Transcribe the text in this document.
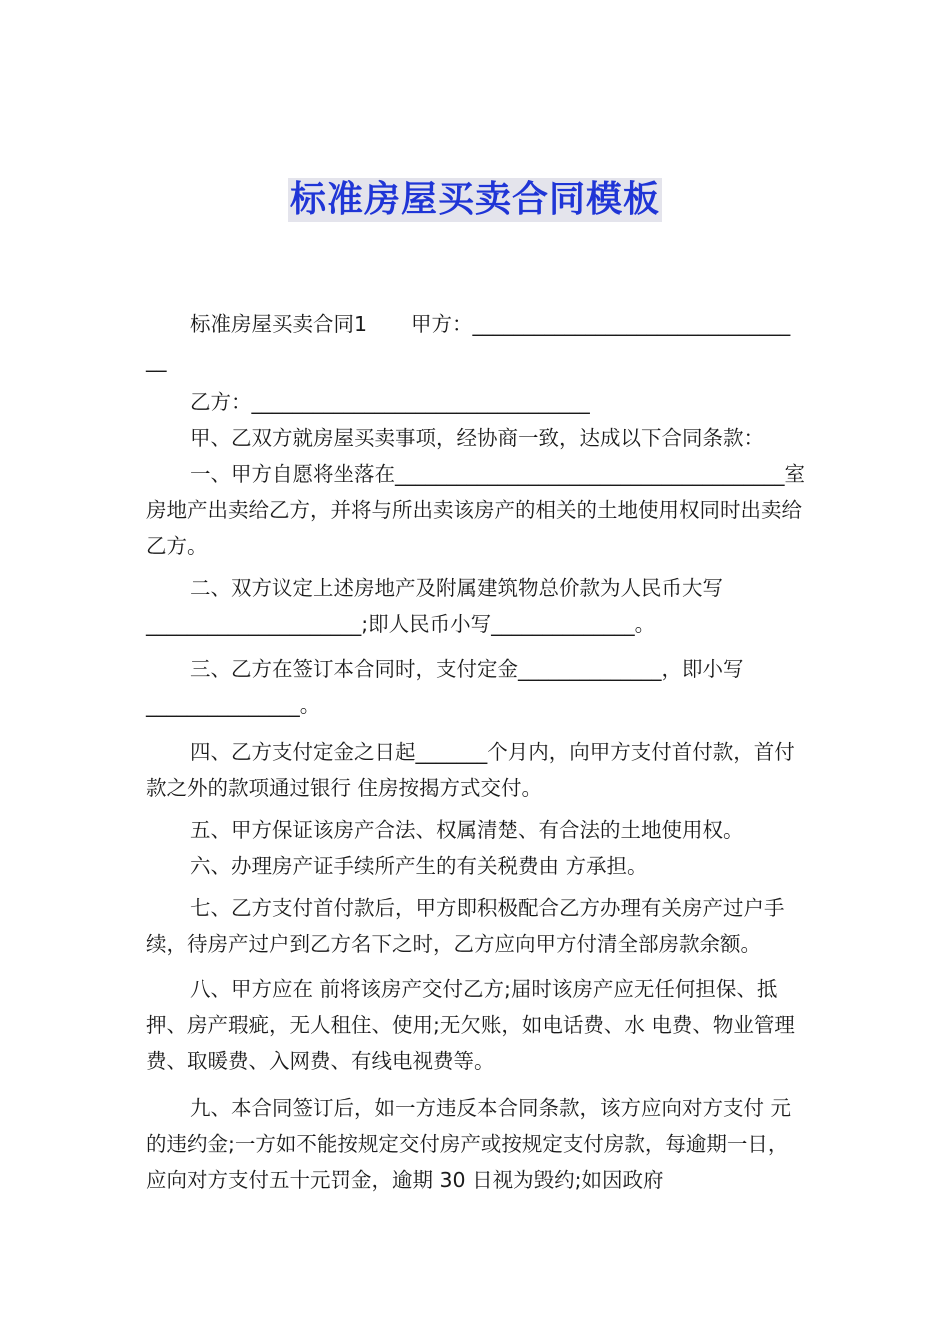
标准房屋买卖合同模板

标准房屋买卖合同1 甲方：_______________________________

__

乙方：_________________________________

甲、乙双方就房屋买卖事项，经协商一致，达成以下合同条款：

一、甲方自愿将坐落在______________________________________室房地产出卖给乙方，并将与所出卖该房产的相关的土地使用权同时出卖给乙方。

二、双方议定上述房地产及附属建筑物总价款为人民币大写_____________________;即人民币小写______________。

三、乙方在签订本合同时，支付定金______________，即小写_______________。

四、乙方支付定金之日起_______个月内，向甲方支付首付款，首付款之外的款项通过银行 住房按揭方式交付。

五、甲方保证该房产合法、权属清楚、有合法的土地使用权。

六、办理房产证手续所产生的有关税费由 方承担。

七、乙方支付首付款后，甲方即积极配合乙方办理有关房产过户手续，待房产过户到乙方名下之时，乙方应向甲方付清全部房款余额。

八、甲方应在 前将该房产交付乙方;届时该房产应无任何担保、抵押、房产瑕疵，无人租住、使用;无欠账，如电话费、水 电费、物业管理 费、取暖费、入网费、有线电视费等。

九、本合同签订后，如一方违反本合同条款，该方应向对方支付 元的违约金;一方如不能按规定交付房产或按规定支付房款，每逾期一日，应向对方支付五十元罚金，逾期 30 日视为毁约;如因政府
